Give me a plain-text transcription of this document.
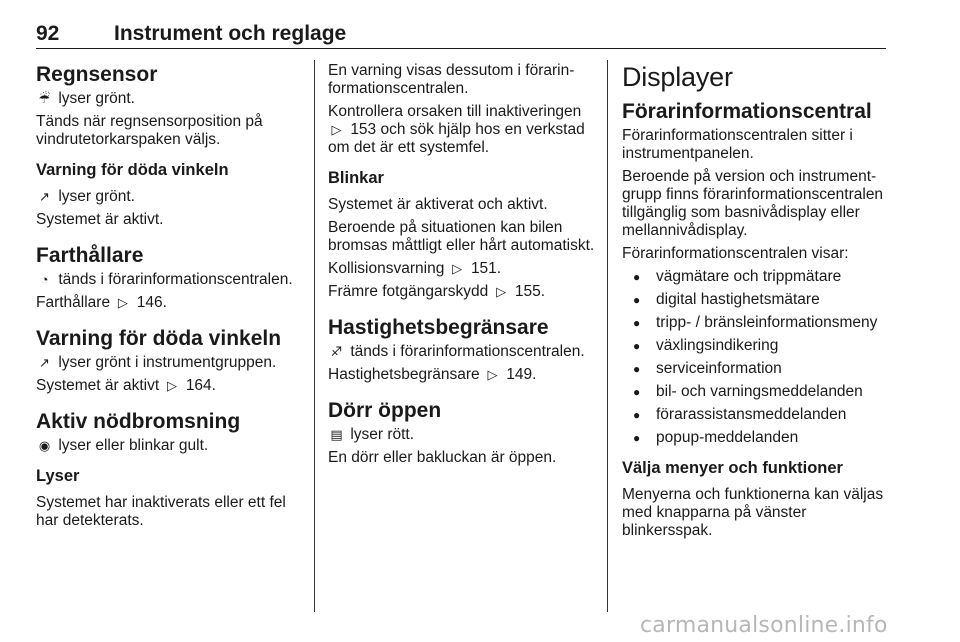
92	Instrument och reglage
Regnsensor

☔ lyser grönt.

Tänds när regnsensorposition på vindrutetorkarspaken väljs.

Varning för döda vinkeln

↗ lyser grönt.

Systemet är aktivt.

Farthållare

◔ tänds i förarinformationscentralen.

Farthållare ▷ 146.

Varning för döda vinkeln

↗ lyser grönt i instrumentgruppen.

Systemet är aktivt ▷ 164.

Aktiv nödbromsning

◉ lyser eller blinkar gult.

Lyser

Systemet har inaktiverats eller ett fel har detekterats.

En varning visas dessutom i förarinformationscentralen.

Kontrollera orsaken till inaktiveringen ▷ 153 och sök hjälp hos en verkstad om det är ett systemfel.

Blinkar

Systemet är aktiverat och aktivt.

Beroende på situationen kan bilen bromsas måttligt eller hårt automatiskt.

Kollisionsvarning ▷ 151.

Främre fotgängarskydd ▷ 155.

Hastighetsbegränsare

♐ tänds i förarinformationscentralen.

Hastighetsbegränsare ▷ 149.

Dörr öppen

▤ lyser rött.

En dörr eller bakluckan är öppen.

Displayer
Förarinformationscentral

Förarinformationscentralen sitter i instrumentpanelen.

Beroende på version och instrumentgrupp finns förarinformationscentralen tillgänglig som basnivådisplay eller mellannivådisplay.

Förarinformationscentralen visar:

● vägmätare och trippmätare
● digital hastighetsmätare
● tripp- / bränsleinformationsmeny
● växlingsindikering
● serviceinformation
● bil- och varningsmeddelanden
● förarassistansmeddelanden
● popup-meddelanden
Välja menyer och funktioner

Menyerna och funktionerna kan väljas med knapparna på vänster blinkersspak.

carmanualsonline.info
